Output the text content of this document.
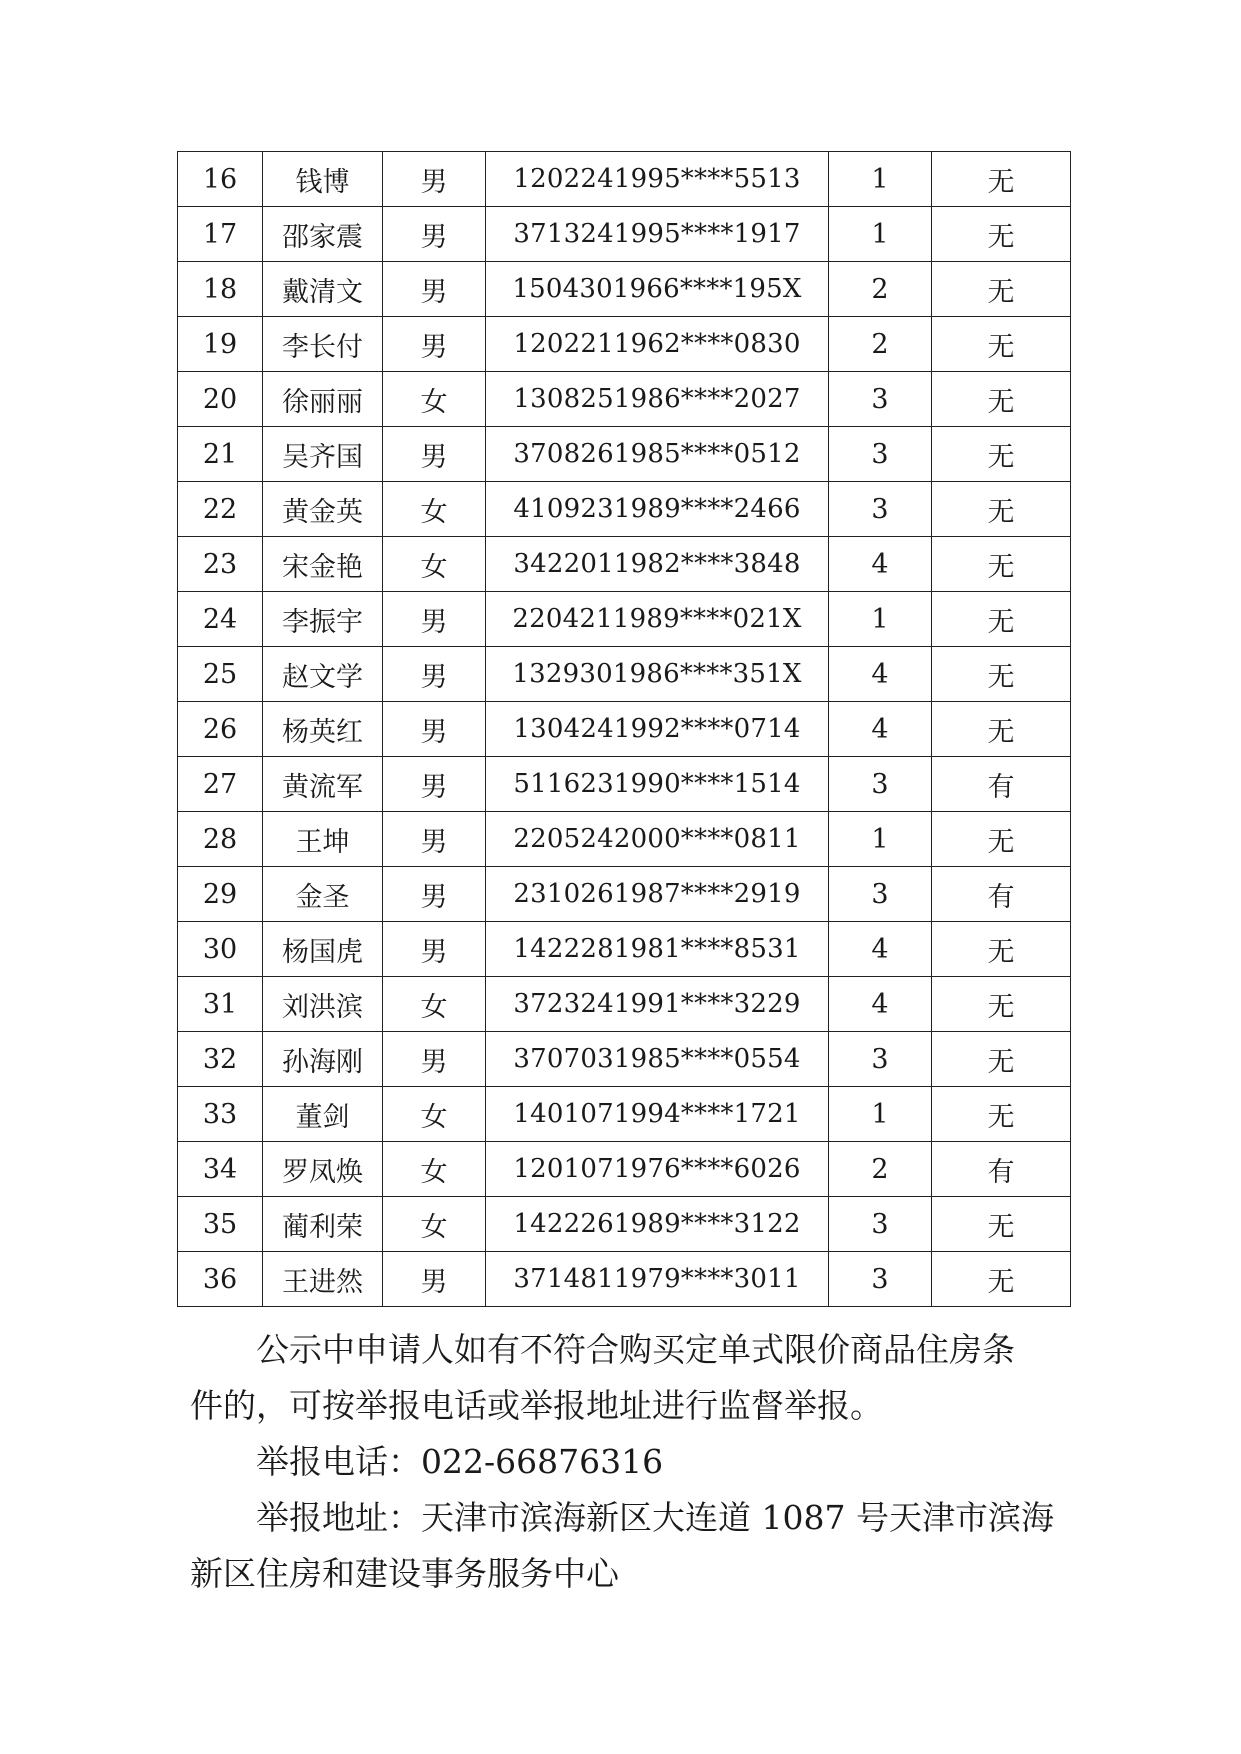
16	钱博	男	1202241995****5513	1	无
17	邵家震	男	3713241995****1917	1	无
18	戴清文	男	1504301966****195X	2	无
19	李长付	男	1202211962****0830	2	无
20	徐丽丽	女	1308251986****2027	3	无
21	吴齐国	男	3708261985****0512	3	无
22	黄金英	女	4109231989****2466	3	无
23	宋金艳	女	3422011982****3848	4	无
24	李振宇	男	2204211989****021X	1	无
25	赵文学	男	1329301986****351X	4	无
26	杨英红	男	1304241992****0714	4	无
27	黄流军	男	5116231990****1514	3	有
28	王坤	男	2205242000****0811	1	无
29	金圣	男	2310261987****2919	3	有
30	杨国虎	男	1422281981****8531	4	无
31	刘洪滨	女	3723241991****3229	4	无
32	孙海刚	男	3707031985****0554	3	无
33	董剑	女	1401071994****1721	1	无
34	罗凤焕	女	1201071976****6026	2	有
35	蔺利荣	女	1422261989****3122	3	无
36	王进然	男	3714811979****3011	3	无

公示中申请人如有不符合购买定单式限价商品住房条

件的，可按举报电话或举报地址进行监督举报。

举报电话：022-66876316

举报地址：天津市滨海新区大连道 1087 号天津市滨海

新区住房和建设事务服务中心
